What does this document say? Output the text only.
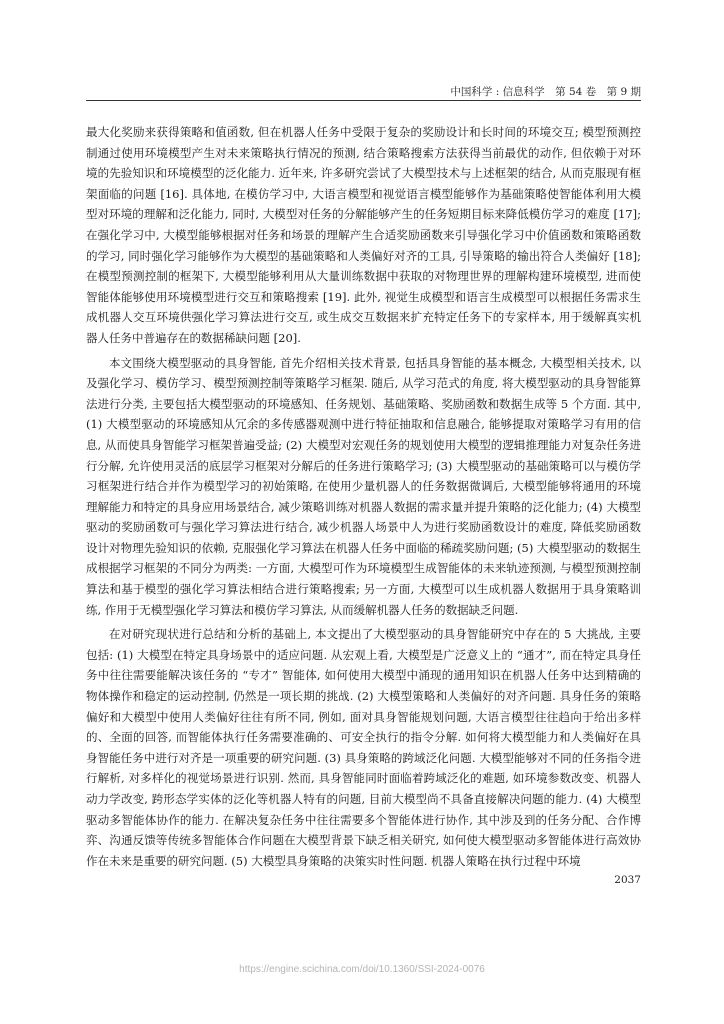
中国科学 : 信息科学　第 54 卷　第 9 期

最大化奖励来获得策略和值函数, 但在机器人任务中受限于复杂的奖励设计和长时间的环境交互; 模型预测控制通过使用环境模型产生对未来策略执行情况的预测, 结合策略搜索方法获得当前最优的动作, 但依赖于对环境的先验知识和环境模型的泛化能力. 近年来, 许多研究尝试了大模型技术与上述框架的结合, 从而克服现有框架面临的问题 [16]. 具体地, 在模仿学习中, 大语言模型和视觉语言模型能够作为基础策略使智能体利用大模型对环境的理解和泛化能力, 同时, 大模型对任务的分解能够产生的任务短期目标来降低模仿学习的难度 [17]; 在强化学习中, 大模型能够根据对任务和场景的理解产生合适奖励函数来引导强化学习中价值函数和策略函数的学习, 同时强化学习能够作为大模型的基础策略和人类偏好对齐的工具, 引导策略的输出符合人类偏好 [18]; 在模型预测控制的框架下, 大模型能够利用从大量训练数据中获取的对物理世界的理解构建环境模型, 进而使智能体能够使用环境模型进行交互和策略搜索 [19]. 此外, 视觉生成模型和语言生成模型可以根据任务需求生成机器人交互环境供强化学习算法进行交互, 或生成交互数据来扩充特定任务下的专家样本, 用于缓解真实机器人任务中普遍存在的数据稀缺问题 [20].

本文围绕大模型驱动的具身智能, 首先介绍相关技术背景, 包括具身智能的基本概念, 大模型相关技术, 以及强化学习、模仿学习、模型预测控制等策略学习框架. 随后, 从学习范式的角度, 将大模型驱动的具身智能算法进行分类, 主要包括大模型驱动的环境感知、任务规划、基础策略、奖励函数和数据生成等 5 个方面. 其中, (1) 大模型驱动的环境感知从冗余的多传感器观测中进行特征抽取和信息融合, 能够提取对策略学习有用的信息, 从而使具身智能学习框架普遍受益; (2) 大模型对宏观任务的规划使用大模型的逻辑推理能力对复杂任务进行分解, 允许使用灵活的底层学习框架对分解后的任务进行策略学习; (3) 大模型驱动的基础策略可以与模仿学习框架进行结合并作为模型学习的初始策略, 在使用少量机器人的任务数据微调后, 大模型能够将通用的环境理解能力和特定的具身应用场景结合, 减少策略训练对机器人数据的需求量并提升策略的泛化能力; (4) 大模型驱动的奖励函数可与强化学习算法进行结合, 减少机器人场景中人为进行奖励函数设计的难度, 降低奖励函数设计对物理先验知识的依赖, 克服强化学习算法在机器人任务中面临的稀疏奖励问题; (5) 大模型驱动的数据生成根据学习框架的不同分为两类: 一方面, 大模型可作为环境模型生成智能体的未来轨迹预测, 与模型预测控制算法和基于模型的强化学习算法相结合进行策略搜索; 另一方面, 大模型可以生成机器人数据用于具身策略训练, 作用于无模型强化学习算法和模仿学习算法, 从而缓解机器人任务的数据缺乏问题.

在对研究现状进行总结和分析的基础上, 本文提出了大模型驱动的具身智能研究中存在的 5 大挑战, 主要包括: (1) 大模型在特定具身场景中的适应问题. 从宏观上看, 大模型是广泛意义上的 “通才”, 而在特定具身任务中往往需要能解决该任务的 “专才” 智能体, 如何使用大模型中涌现的通用知识在机器人任务中达到精确的物体操作和稳定的运动控制, 仍然是一项长期的挑战. (2) 大模型策略和人类偏好的对齐问题. 具身任务的策略偏好和大模型中使用人类偏好往往有所不同, 例如, 面对具身智能规划问题, 大语言模型往往趋向于给出多样的、全面的回答, 而智能体执行任务需要准确的、可安全执行的指令分解. 如何将大模型能力和人类偏好在具身智能任务中进行对齐是一项重要的研究问题. (3) 具身策略的跨域泛化问题. 大模型能够对不同的任务指令进行解析, 对多样化的视觉场景进行识别. 然而, 具身智能同时面临着跨域泛化的难题, 如环境参数改变、机器人动力学改变, 跨形态学实体的泛化等机器人特有的问题, 目前大模型尚不具备直接解决问题的能力. (4) 大模型驱动多智能体协作的能力. 在解决复杂任务中往往需要多个智能体进行协作, 其中涉及到的任务分配、合作博弈、沟通反馈等传统多智能体合作问题在大模型背景下缺乏相关研究, 如何使大模型驱动多智能体进行高效协作在未来是重要的研究问题. (5) 大模型具身策略的决策实时性问题. 机器人策略在执行过程中环境

2037
https://engine.scichina.com/doi/10.1360/SSI-2024-0076
